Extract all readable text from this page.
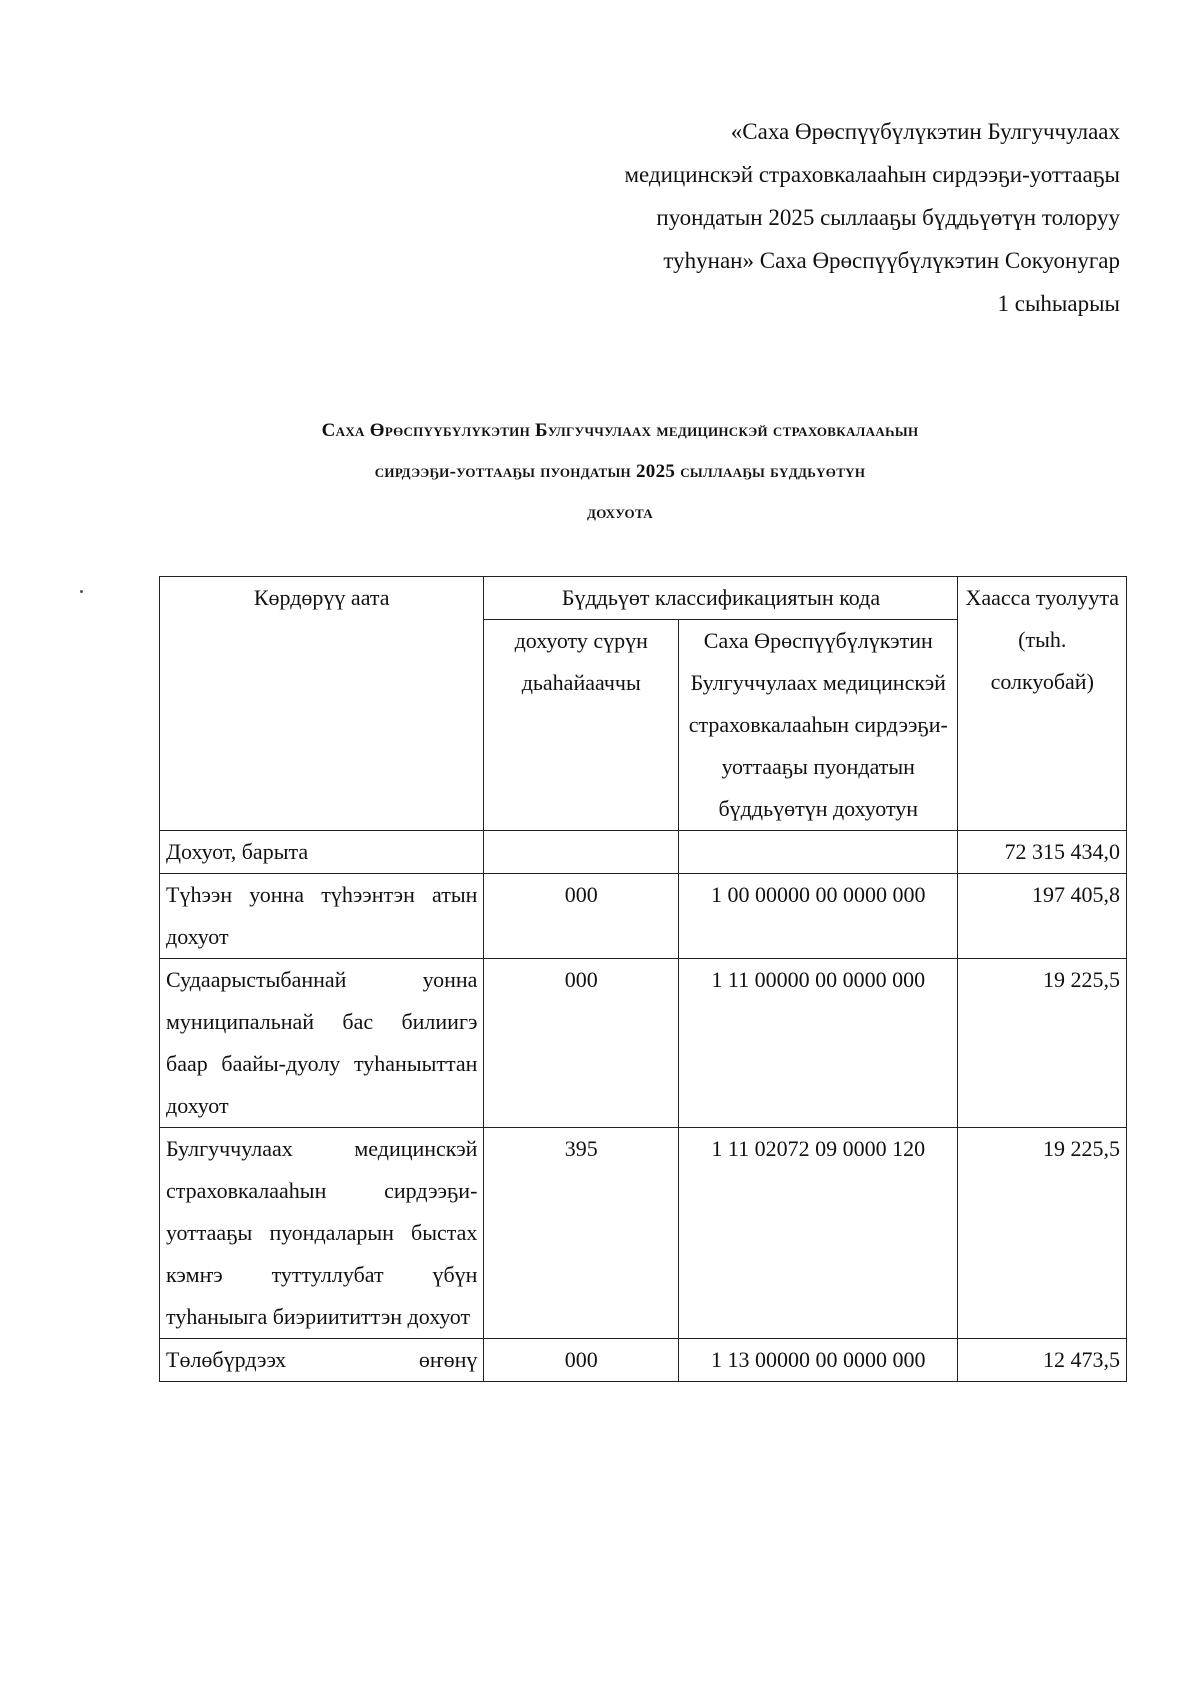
«Саха Өрөспүүбүлүкэтин Булгуччулаах
медицинскэй страховкалааһын сирдээҕи-уоттааҕы
пуондатын 2025 сыллааҕы бүддьүөтүн толоруу
туһунан» Саха Өрөспүүбүлүкэтин Сокуонугар
1 сыһыарыы
Саха Өрөспүүбүлүкэтин Булгуччулаах медицинскэй страховкалааһын
сирдээҕи-уоттааҕы пуондатын 2025 сыллааҕы бүддьүөтүн
дохуота
Көрдөрүү аата	Бүддьүөт классификациятын кода		Хаасса туолуута (тыһ. солкуобай)
	дохуоту сүрүн дьаһайааччы	Саха Өрөспүүбүлүкэтин Булгуччулаах медицинскэй страховкалааһын сирдээҕи-уоттааҕы пуондатын бүддьүөтүн дохуотун	
Дохуот, барыта			72 315 434,0
Түһээн уонна түһээнтэн атын дохуот	000	1 00 00000 00 0000 000	197 405,8
Судаарыстыбаннай уонна муниципальнай бас билиигэ баар баайы-дуолу туһаныыттан дохуот	000	1 11 00000 00 0000 000	19 225,5
Булгуччулаах медицинскэй страховкалааһын сирдээҕи-уоттааҕы пуондаларын быстах кэмҥэ туттуллубат үбүн туһаныыга биэриититтэн дохуот	395	1 11 02072 09 0000 120	19 225,5
Төлөбүрдээх өҥөнү	000	1 13 00000 00 0000 000	12 473,5
